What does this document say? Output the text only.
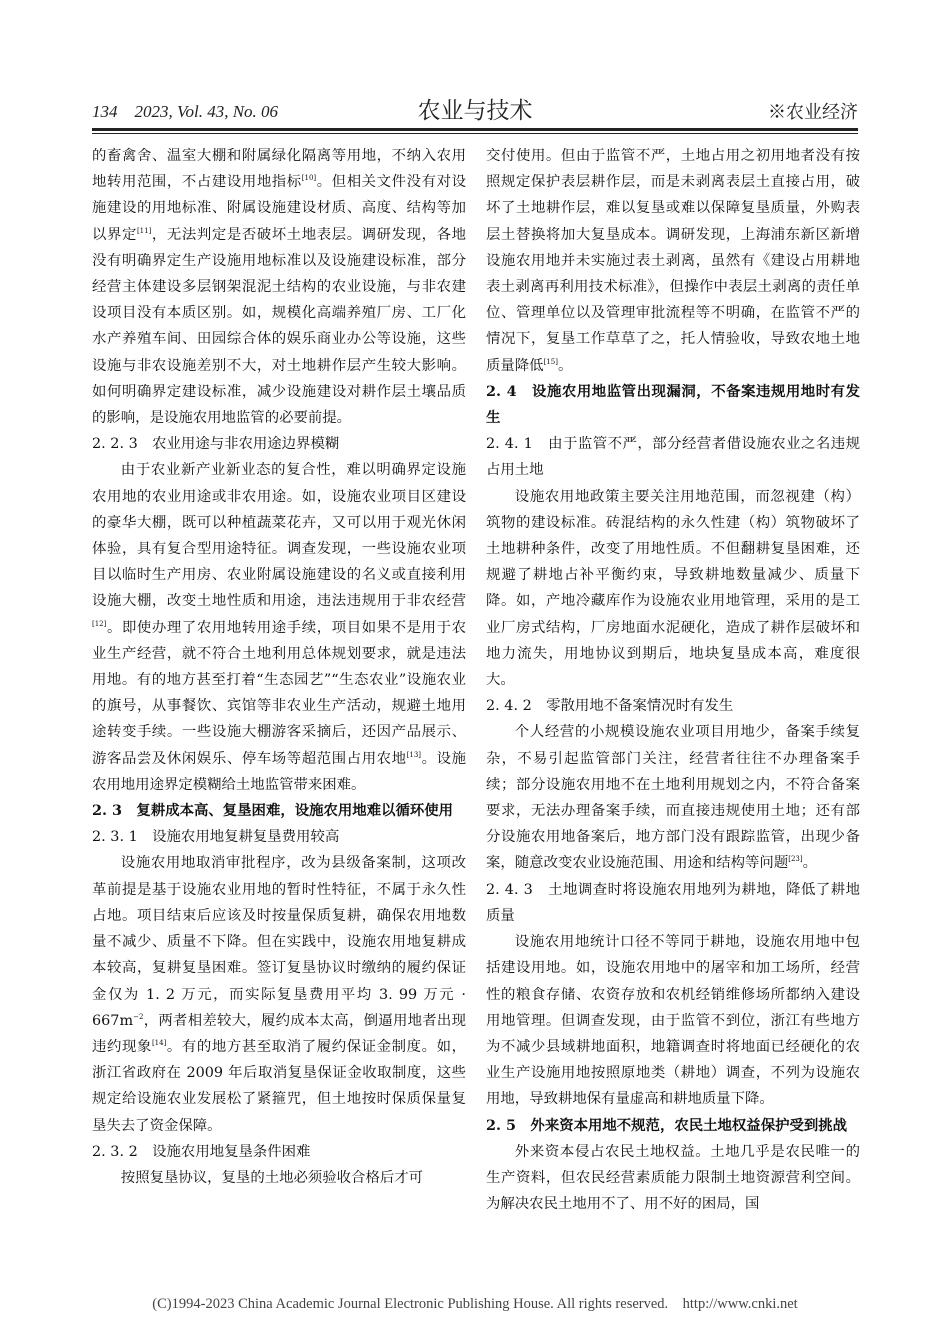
134    2023, Vol. 43, No. 06	农业与技术	※农业经济

的畜禽舍、温室大棚和附属绿化隔离等用地，不纳入农用地转用范围，不占建设用地指标[10]。但相关文件没有对设施建设的用地标准、附属设施建设材质、高度、结构等加以界定[11]，无法判定是否破坏土地表层。调研发现，各地没有明确界定生产设施用地标准以及设施建设标准，部分经营主体建设多层钢架混泥土结构的农业设施，与非农建设项目没有本质区别。如，规模化高端养殖厂房、工厂化水产养殖车间、田园综合体的娱乐商业办公等设施，这些设施与非农设施差别不大，对土地耕作层产生较大影响。如何明确界定建设标准，减少设施建设对耕作层土壤品质的影响，是设施农用地监管的必要前提。

2. 2. 3　农业用途与非农用途边界模糊

由于农业新产业新业态的复合性，难以明确界定设施农用地的农业用途或非农用途。如，设施农业项目区建设的豪华大棚，既可以种植蔬菜花卉，又可以用于观光休闲体验，具有复合型用途特征。调查发现，一些设施农业项目以临时生产用房、农业附属设施建设的名义或直接利用设施大棚，改变土地性质和用途，违法违规用于非农经营[12]。即使办理了农用地转用途手续，项目如果不是用于农业生产经营，就不符合土地利用总体规划要求，就是违法用地。有的地方甚至打着“生态园艺”“生态农业”设施农业的旗号，从事餐饮、宾馆等非农业生产活动，规避土地用途转变手续。一些设施大棚游客采摘后，还因产品展示、游客品尝及休闲娱乐、停车场等超范围占用农地[13]。设施农用地用途界定模糊给土地监管带来困难。

2. 3　复耕成本高、复垦困难，设施农用地难以循环使用

2. 3. 1　设施农用地复耕复垦费用较高

设施农用地取消审批程序，改为县级备案制，这项改革前提是基于设施农业用地的暂时性特征，不属于永久性占地。项目结束后应该及时按量保质复耕，确保农用地数量不减少、质量不下降。但在实践中，设施农用地复耕成本较高，复耕复垦困难。签订复垦协议时缴纳的履约保证金仅为 1. 2 万元，而实际复垦费用平均 3. 99 万元 · 667m$^{-2}$，两者相差较大，履约成本太高，倒逼用地者出现违约现象[14]。有的地方甚至取消了履约保证金制度。如，浙江省政府在 2009 年后取消复垦保证金收取制度，这些规定给设施农业发展松了紧箍咒，但土地按时保质保量复垦失去了资金保障。

2. 3. 2　设施农用地复垦条件困难

按照复垦协议，复垦的土地必须验收合格后才可

交付使用。但由于监管不严，土地占用之初用地者没有按照规定保护表层耕作层，而是未剥离表层土直接占用，破坏了土地耕作层，难以复垦或难以保障复垦质量，外购表层土替换将加大复垦成本。调研发现，上海浦东新区新增设施农用地并未实施过表土剥离，虽然有《建设占用耕地表土剥离再利用技术标准》，但操作中表层土剥离的责任单位、管理单位以及管理审批流程等不明确，在监管不严的情况下，复垦工作草草了之，托人情验收，导致农地土地质量降低[15]。

2. 4　设施农用地监管出现漏洞，不备案违规用地时有发生

2. 4. 1　由于监管不严，部分经营者借设施农业之名违规占用土地

设施农用地政策主要关注用地范围，而忽视建（构）筑物的建设标准。砖混结构的永久性建（构）筑物破坏了土地耕种条件，改变了用地性质。不但翻耕复垦困难，还规避了耕地占补平衡约束，导致耕地数量减少、质量下降。如，产地冷藏库作为设施农业用地管理，采用的是工业厂房式结构，厂房地面水泥硬化，造成了耕作层破坏和地力流失，用地协议到期后，地块复垦成本高，难度很大。

2. 4. 2　零散用地不备案情况时有发生

个人经营的小规模设施农业项目用地少，备案手续复杂，不易引起监管部门关注，经营者往往不办理备案手续；部分设施农用地不在土地利用规划之内，不符合备案要求，无法办理备案手续，而直接违规使用土地；还有部分设施农用地备案后，地方部门没有跟踪监管，出现少备案，随意改变农业设施范围、用途和结构等问题[23]。

2. 4. 3　土地调查时将设施农用地列为耕地，降低了耕地质量

设施农用地统计口径不等同于耕地，设施农用地中包括建设用地。如，设施农用地中的屠宰和加工场所，经营性的粮食存储、农资存放和农机经销维修场所都纳入建设用地管理。但调查发现，由于监管不到位，浙江有些地方为不减少县域耕地面积，地籍调查时将地面已经硬化的农业生产设施用地按照原地类（耕地）调查，不列为设施农用地，导致耕地保有量虚高和耕地质量下降。

2. 5　外来资本用地不规范，农民土地权益保护受到挑战

外来资本侵占农民土地权益。土地几乎是农民唯一的生产资料，但农民经营素质能力限制土地资源营利空间。为解决农民土地用不了、用不好的困局，国

(C)1994-2023 China Academic Journal Electronic Publishing House. All rights reserved.    http://www.cnki.net
